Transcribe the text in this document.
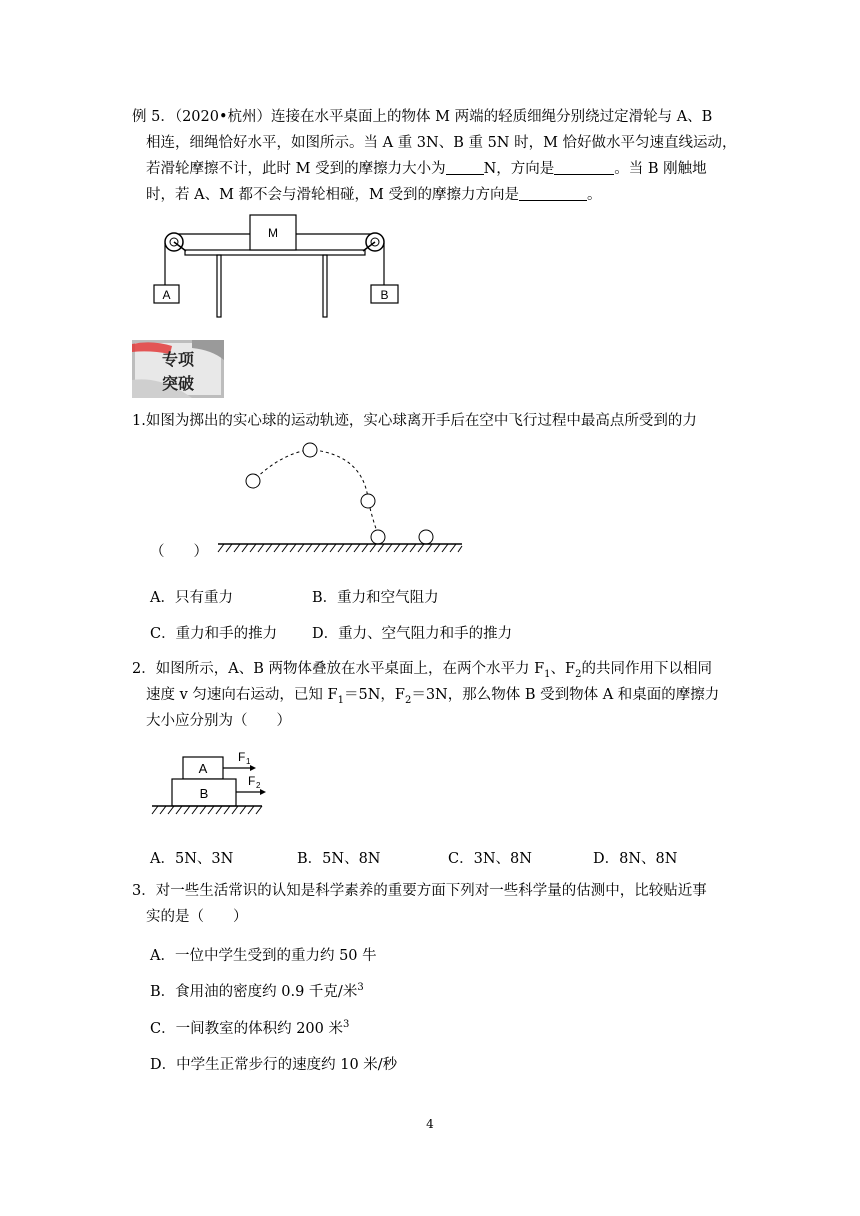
例 5．（2020•杭州）连接在水平桌面上的物体 M 两端的轻质细绳分别绕过定滑轮与 A、B
相连，细绳恰好水平，如图所示。当 A 重 3N、B 重 5N 时，M 恰好做水平匀速直线运动，
若滑轮摩擦不计，此时 M 受到的摩擦力大小为	N，方向是	。当 B 刚触地
时，若 A、M 都不会与滑轮相碰，M 受到的摩擦力方向是	。
M
A	B
专项
突破
1.如图为掷出的实心球的运动轨迹，实心球离开手后在空中飞行过程中最高点所受到的力
（　　）
A．只有重力	B．重力和空气阻力
C．重力和手的推力 D．重力、空气阻力和手的推力
2．如图所示，A、B 两物体叠放在水平桌面上，在两个水平力 $F_1$、$F_2$的共同作用下以相同
速度 v 匀速向右运动，已知 $F_1=5N$，$F_2=3N$，那么物体 B 受到物体 A 和桌面的摩擦力
大小应分别为（　　）
A
B
F 1
F 2
A．5N、3N	B．5N、8N	C．3N、8N	D．8N、8N
3．对一些生活常识的认知是科学素养的重要方面下列对一些科学量的估测中，比较贴近事
实的是（　　）
A．一位中学生受到的重力约 50 牛
B．食用油的密度约 0.9 千克/米$^3$
C．一间教室的体积约 200 米$^3$
D．中学生正常步行的速度约 10 米/秒
4
